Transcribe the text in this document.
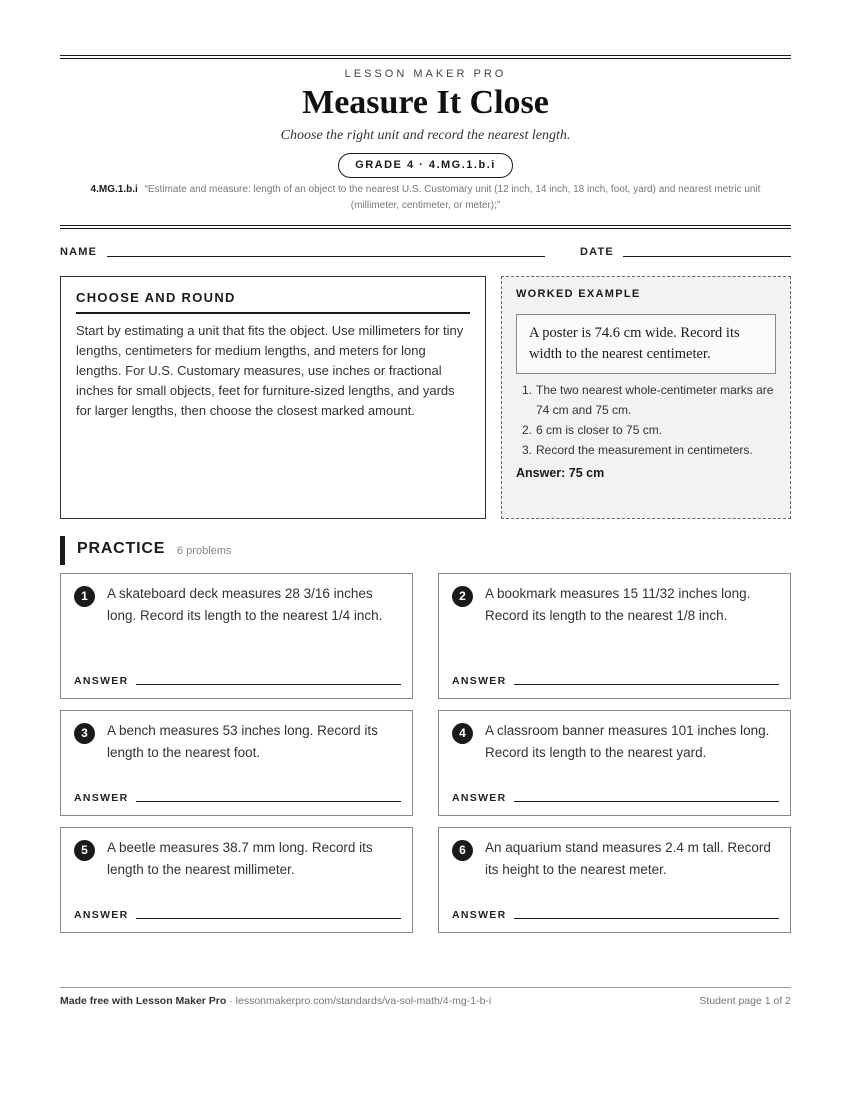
LESSON MAKER PRO
Measure It Close
Choose the right unit and record the nearest length.
GRADE 4 · 4.MG.1.b.i
4.MG.1.b.i “Estimate and measure: length of an object to the nearest U.S. Customary unit (12 inch, 14 inch, 18 inch, foot, yard) and nearest metric unit (millimeter, centimeter, or meter);”
NAME	DATE
CHOOSE AND ROUND
Start by estimating a unit that fits the object. Use millimeters for tiny lengths, centimeters for medium lengths, and meters for long lengths. For U.S. Customary measures, use inches or fractional inches for small objects, feet for furniture-sized lengths, and yards for larger lengths, then choose the closest marked amount.
WORKED EXAMPLE
A poster is 74.6 cm wide. Record its width to the nearest centimeter.
1. The two nearest whole-centimeter marks are 74 cm and 75 cm.
2. 6 cm is closer to 75 cm.
3. Record the measurement in centimeters.
Answer: 75 cm
PRACTICE 6 problems
1	A skateboard deck measures 28 3/16 inches long. Record its length to the nearest 1/4 inch.
ANSWER
2	A bookmark measures 15 11/32 inches long. Record its length to the nearest 1/8 inch.
ANSWER
3	A bench measures 53 inches long. Record its length to the nearest foot.
ANSWER
4	A classroom banner measures 101 inches long. Record its length to the nearest yard.
ANSWER
5	A beetle measures 38.7 mm long. Record its length to the nearest millimeter.
ANSWER
6	An aquarium stand measures 2.4 m tall. Record its height to the nearest meter.
ANSWER
Made free with Lesson Maker Pro · lessonmakerpro.com/standards/va-sol-math/4-mg-1-b-i	Student page 1 of 2
